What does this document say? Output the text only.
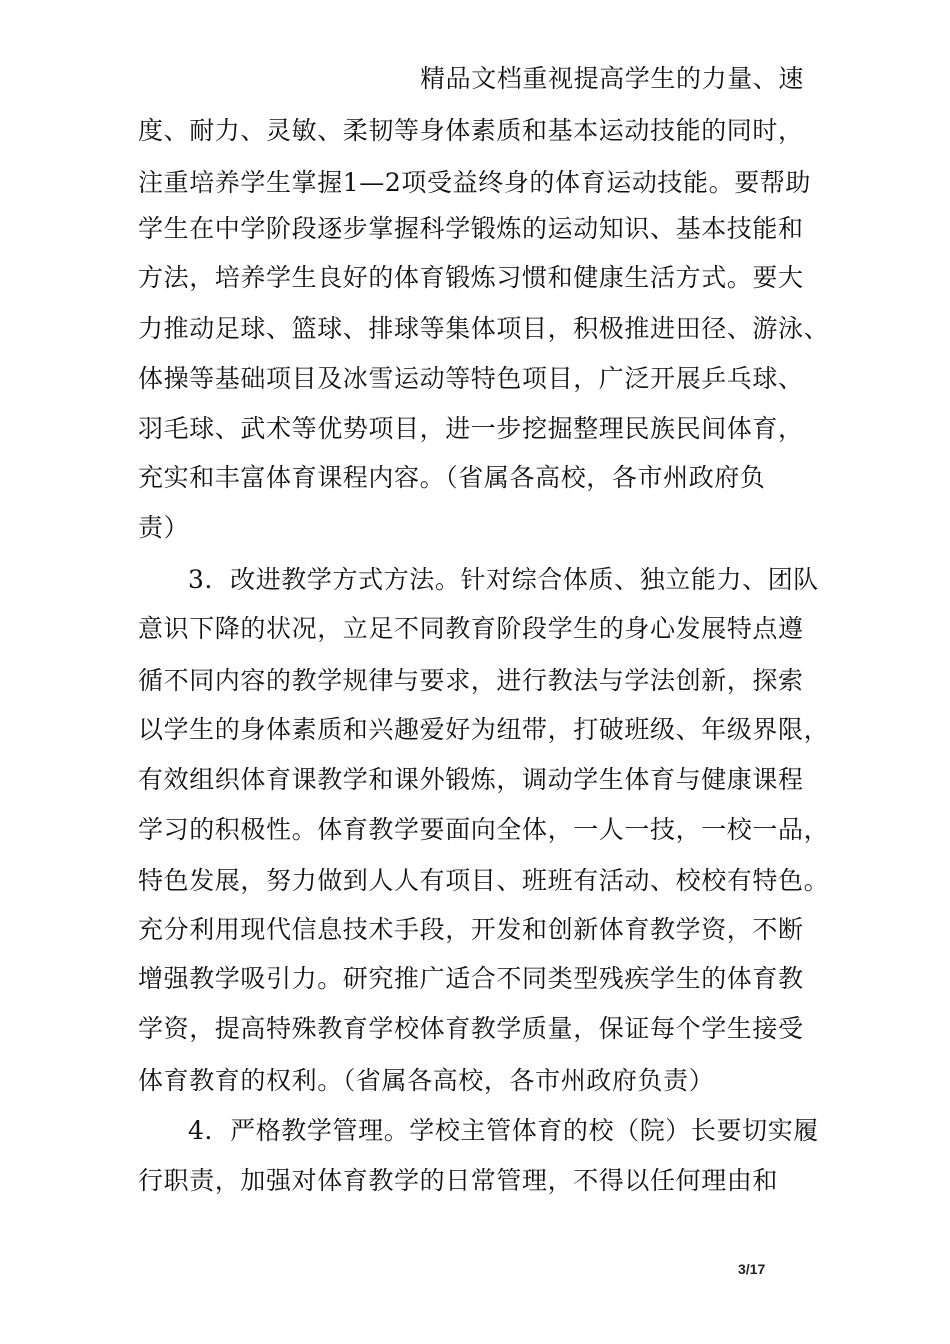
精品文档重视提高学生的力量、速
度、耐力、灵敏、柔韧等身体素质和基本运动技能的同时，
注重培养学生掌握1—2项受益终身的体育运动技能。要帮助
学生在中学阶段逐步掌握科学锻炼的运动知识、基本技能和
方法，培养学生良好的体育锻炼习惯和健康生活方式。要大
力推动足球、篮球、排球等集体项目，积极推进田径、游泳、
体操等基础项目及冰雪运动等特色项目，广泛开展乒乓球、
羽毛球、武术等优势项目，进一步挖掘整理民族民间体育，
充实和丰富体育课程内容。（省属各高校，各市州政府负
责）
3．改进教学方式方法。针对综合体质、独立能力、团队
意识下降的状况，立足不同教育阶段学生的身心发展特点遵
循不同内容的教学规律与要求，进行教法与学法创新，探索
以学生的身体素质和兴趣爱好为纽带，打破班级、年级界限，
有效组织体育课教学和课外锻炼，调动学生体育与健康课程
学习的积极性。体育教学要面向全体，一人一技，一校一品，
特色发展，努力做到人人有项目、班班有活动、校校有特色。
充分利用现代信息技术手段，开发和创新体育教学资，不断
增强教学吸引力。研究推广适合不同类型残疾学生的体育教
学资，提高特殊教育学校体育教学质量，保证每个学生接受
体育教育的权利。（省属各高校，各市州政府负责）
4．严格教学管理。学校主管体育的校（院）长要切实履
行职责，加强对体育教学的日常管理，不得以任何理由和
3/17
